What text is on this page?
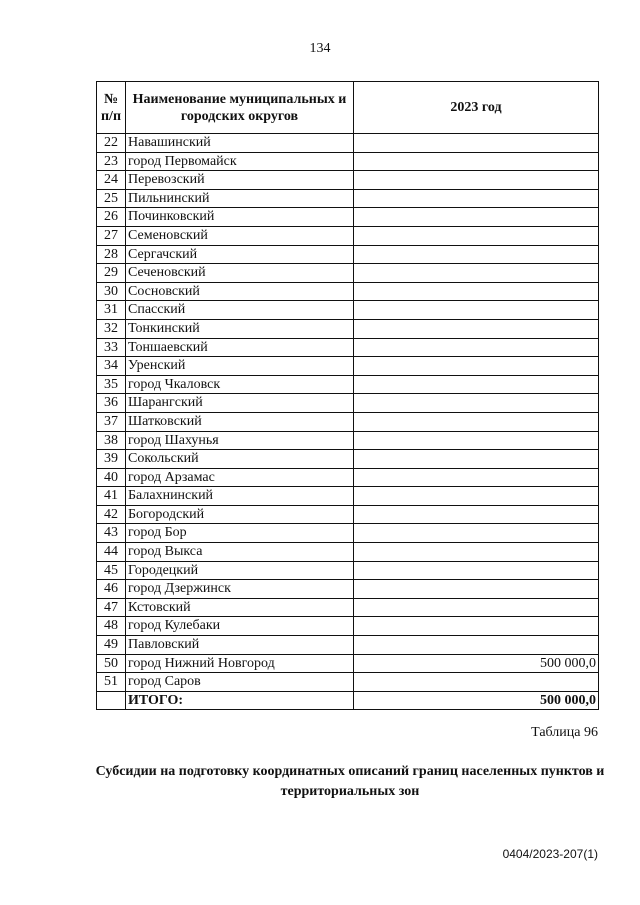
134
№ п/п	Наименование муниципальных и городских округов	2023 год
22	Навашинский	
23	город Первомайск	
24	Перевозский	
25	Пильнинский	
26	Починковский	
27	Семеновский	
28	Сергачский	
29	Сеченовский	
30	Сосновский	
31	Спасский	
32	Тонкинский	
33	Тоншаевский	
34	Уренский	
35	город Чкаловск	
36	Шарангский	
37	Шатковский	
38	город Шахунья	
39	Сокольский	
40	город Арзамас	
41	Балахнинский	
42	Богородский	
43	город Бор	
44	город Выкса	
45	Городецкий	
46	город Дзержинск	
47	Кстовский	
48	город Кулебаки	
49	Павловский	
50	город Нижний Новгород	500 000,0
51	город Саров	
	ИТОГО:	500 000,0
Таблица 96
Субсидии на подготовку координатных описаний границ населенных пунктов и территориальных зон
0404/2023-207(1)
